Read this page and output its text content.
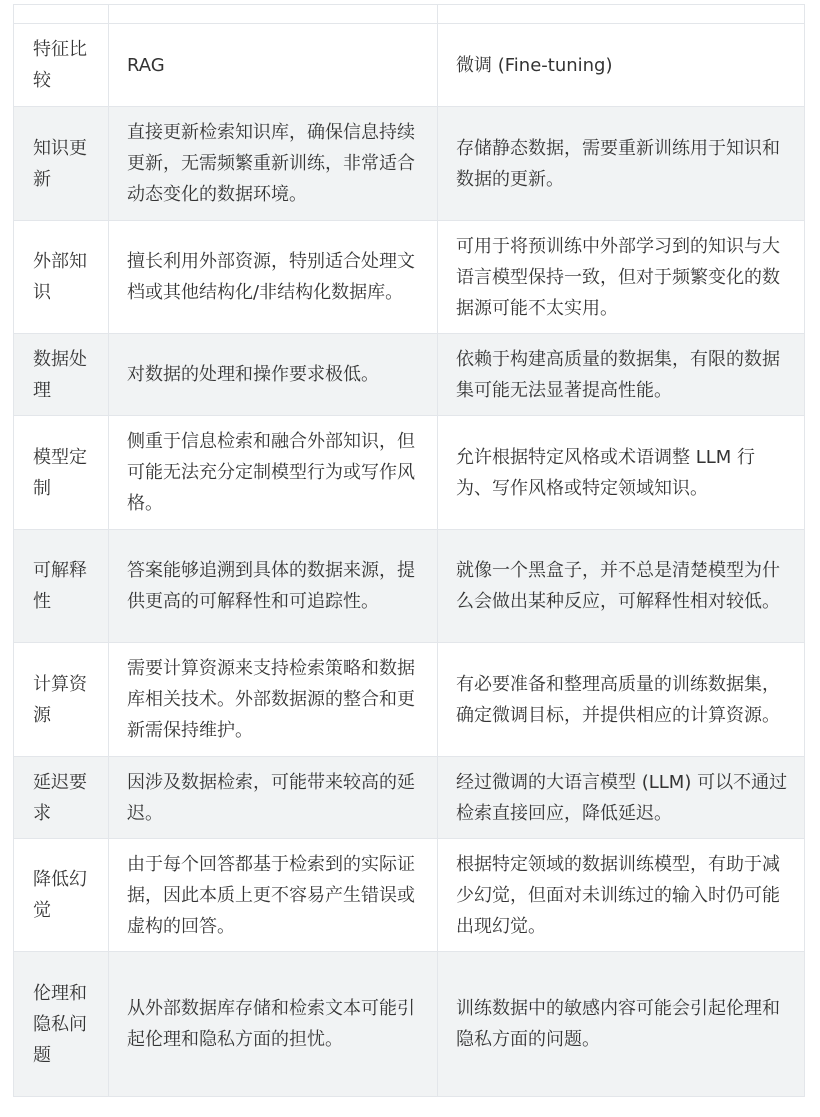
特征比较	RAG	微调 (Fine-tuning)
知识更新	直接更新检索知识库，确保信息持续更新，无需频繁重新训练，非常适合动态变化的数据环境。	存储静态数据，需要重新训练用于知识和数据的更新。
外部知识	擅长利用外部资源，特别适合处理文档或其他结构化/非结构化数据库。	可用于将预训练中外部学习到的知识与大语言模型保持一致，但对于频繁变化的数据源可能不太实用。
数据处理	对数据的处理和操作要求极低。	依赖于构建高质量的数据集，有限的数据集可能无法显著提高性能。
模型定制	侧重于信息检索和融合外部知识，但可能无法充分定制模型行为或写作风格。	允许根据特定风格或术语调整 LLM 行为、写作风格或特定领域知识。
可解释性	答案能够追溯到具体的数据来源，提供更高的可解释性和可追踪性。	就像一个黑盒子，并不总是清楚模型为什么会做出某种反应，可解释性相对较低。
计算资源	需要计算资源来支持检索策略和数据库相关技术。外部数据源的整合和更新需保持维护。	有必要准备和整理高质量的训练数据集，确定微调目标，并提供相应的计算资源。
延迟要求	因涉及数据检索，可能带来较高的延迟。	经过微调的大语言模型 (LLM) 可以不通过检索直接回应，降低延迟。
降低幻觉	由于每个回答都基于检索到的实际证据，因此本质上更不容易产生错误或虚构的回答。	根据特定领域的数据训练模型，有助于减少幻觉，但面对未训练过的输入时仍可能出现幻觉。
伦理和隐私问题	从外部数据库存储和检索文本可能引起伦理和隐私方面的担忧。	训练数据中的敏感内容可能会引起伦理和隐私方面的问题。
